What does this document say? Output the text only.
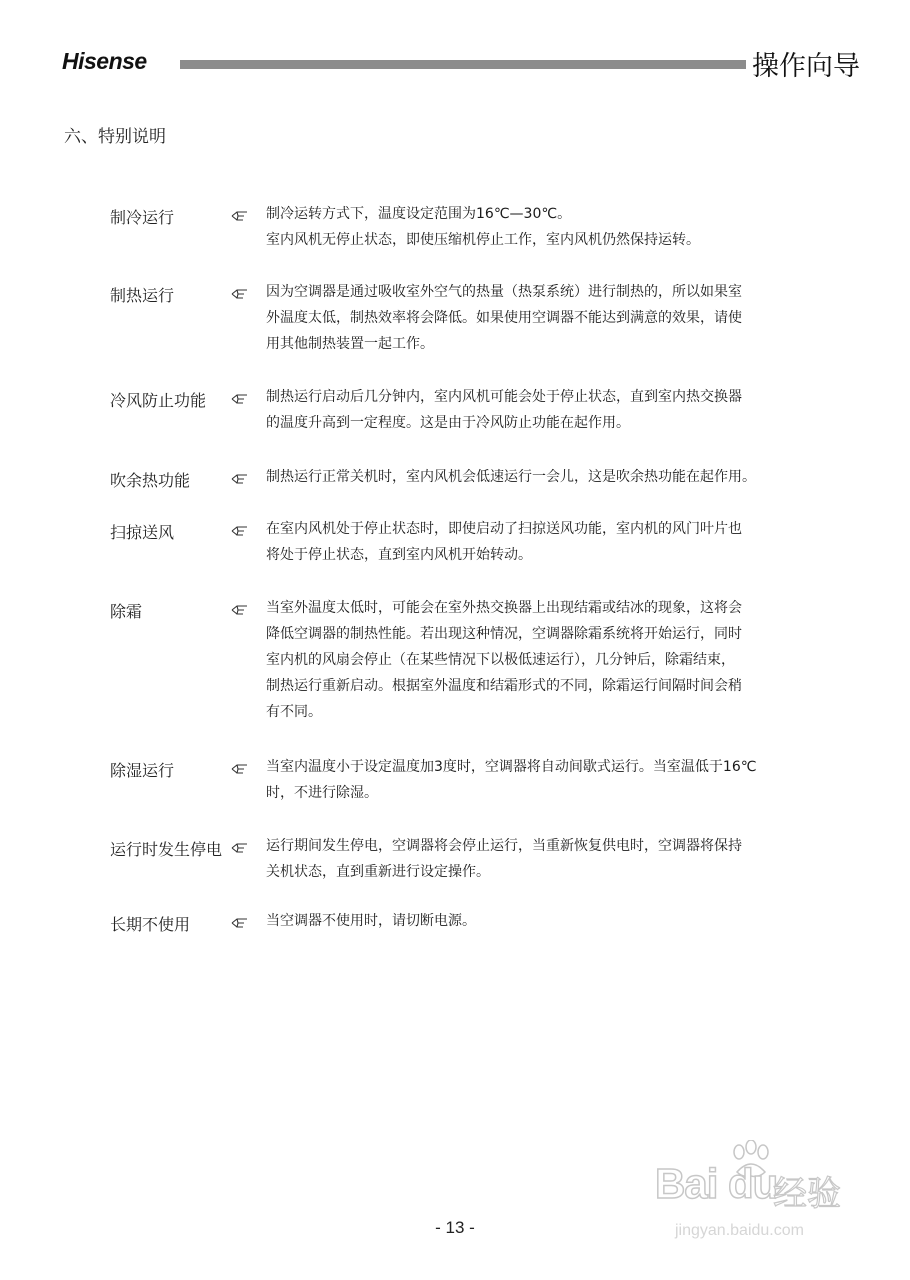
Hisense	操作向导
六、特别说明
制冷运行	制冷运转方式下，温度设定范围为16℃—30℃。

室内风机无停止状态，即使压缩机停止工作，室内风机仍然保持运转。

制热运行	因为空调器是通过吸收室外空气的热量（热泵系统）进行制热的，所以如果室

外温度太低，制热效率将会降低。如果使用空调器不能达到满意的效果，请使

用其他制热装置一起工作。

冷风防止功能	制热运行启动后几分钟内，室内风机可能会处于停止状态，直到室内热交换器

的温度升高到一定程度。这是由于冷风防止功能在起作用。

吹余热功能	制热运行正常关机时，室内风机会低速运行一会儿，这是吹余热功能在起作用。

扫掠送风	在室内风机处于停止状态时，即使启动了扫掠送风功能，室内机的风门叶片也

将处于停止状态，直到室内风机开始转动。

除霜	当室外温度太低时，可能会在室外热交换器上出现结霜或结冰的现象，这将会

降低空调器的制热性能。若出现这种情况，空调器除霜系统将开始运行，同时

室内机的风扇会停止（在某些情况下以极低速运行），几分钟后，除霜结束，

制热运行重新启动。根据室外温度和结霜形式的不同，除霜运行间隔时间会稍

有不同。

除湿运行	当室内温度小于设定温度加3度时，空调器将自动间歇式运行。当室温低于16℃

时，不进行除湿。

运行时发生停电	运行期间发生停电，空调器将会停止运行，当重新恢复供电时，空调器将保持

关机状态，直到重新进行设定操作。

长期不使用	当空调器不使用时，请切断电源。

Bai du
经验
jingyan.baidu.com
- 13 -
